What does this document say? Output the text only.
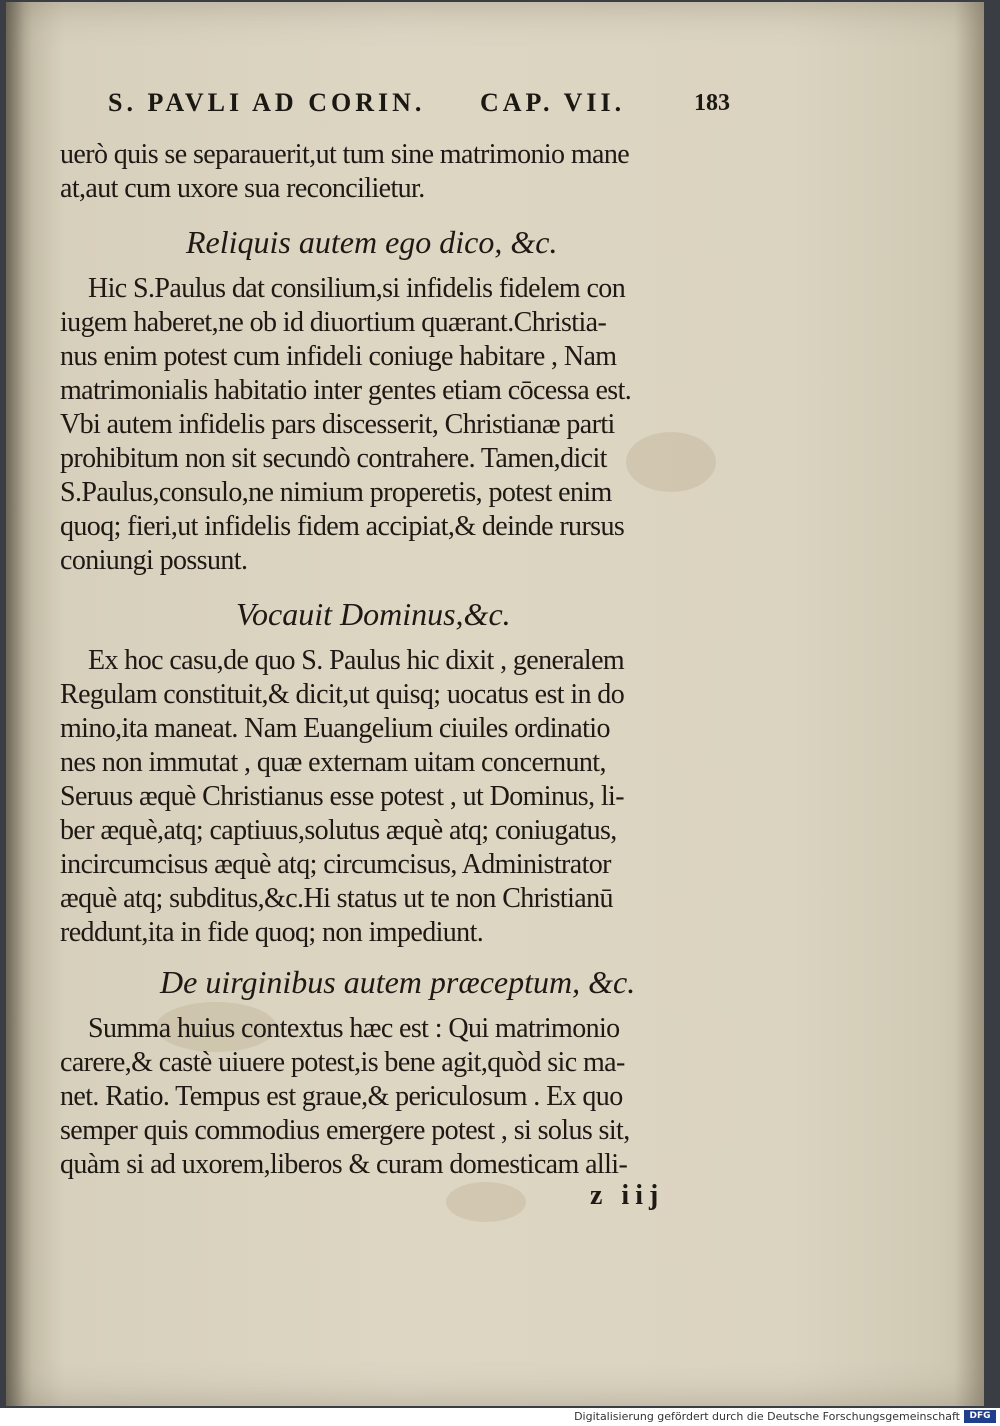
S. PAVLI AD CORIN. CAP. VII.	183
uerò quis se separauerit,ut tum sine matrimonio mane
at,aut cum uxore sua reconcilietur.
Reliquis autem ego dico, &c.
Hic S.Paulus dat consilium,si infidelis fidelem con
iugem haberet,ne ob id diuortium quærant.Christia-
nus enim potest cum infideli coniuge habitare , Nam
matrimonialis habitatio inter gentes etiam cōcessa est.
Vbi autem infidelis pars discesserit, Christianæ parti
prohibitum non sit secundò contrahere. Tamen,dicit
S.Paulus,consulo,ne nimium properetis, potest enim
quoq; fieri,ut infidelis fidem accipiat,& deinde rursus
coniungi possunt.
Vocauit Dominus,&c.
Ex hoc casu,de quo S. Paulus hic dixit , generalem
Regulam constituit,& dicit,ut quisq; uocatus est in do
mino,ita maneat. Nam Euangelium ciuiles ordinatio
nes non immutat , quæ externam uitam concernunt,
Seruus æquè Christianus esse potest , ut Dominus, li-
ber æquè,atq; captiuus,solutus æquè atq; coniugatus,
incircumcisus æquè atq; circumcisus, Administrator
æquè atq; subditus,&c.Hi status ut te non Christianū
reddunt,ita in fide quoq; non impediunt.
De uirginibus autem præceptum, &c.
Summa huius contextus hæc est : Qui matrimonio
carere,& castè uiuere potest,is bene agit,quòd sic ma-
net. Ratio. Tempus est graue,& periculosum . Ex quo
semper quis commodius emergere potest , si solus sit,
quàm si ad uxorem,liberos & curam domesticam alli-
z iij
Digitalisierung gefördert durch die Deutsche Forschungsgemeinschaft	DFG
